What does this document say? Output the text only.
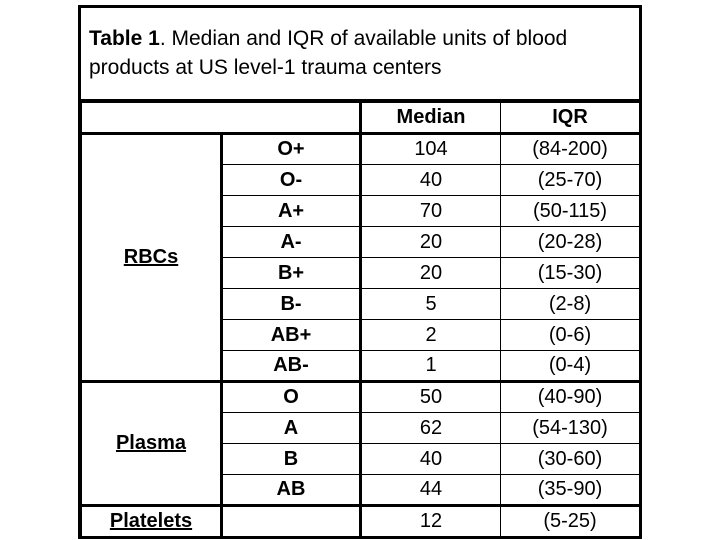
Table 1. Median and IQR of available units of blood products at US level-1 trauma centers
		Median	IQR
RBCs	O+	104	(84-200)
	O-	40	(25-70)
	A+	70	(50-115)
	A-	20	(20-28)
	B+	20	(15-30)
	B-	5	(2-8)
	AB+	2	(0-6)
	AB-	1	(0-4)
Plasma	O	50	(40-90)
	A	62	(54-130)
	B	40	(30-60)
	AB	44	(35-90)
Platelets		12	(5-25)
